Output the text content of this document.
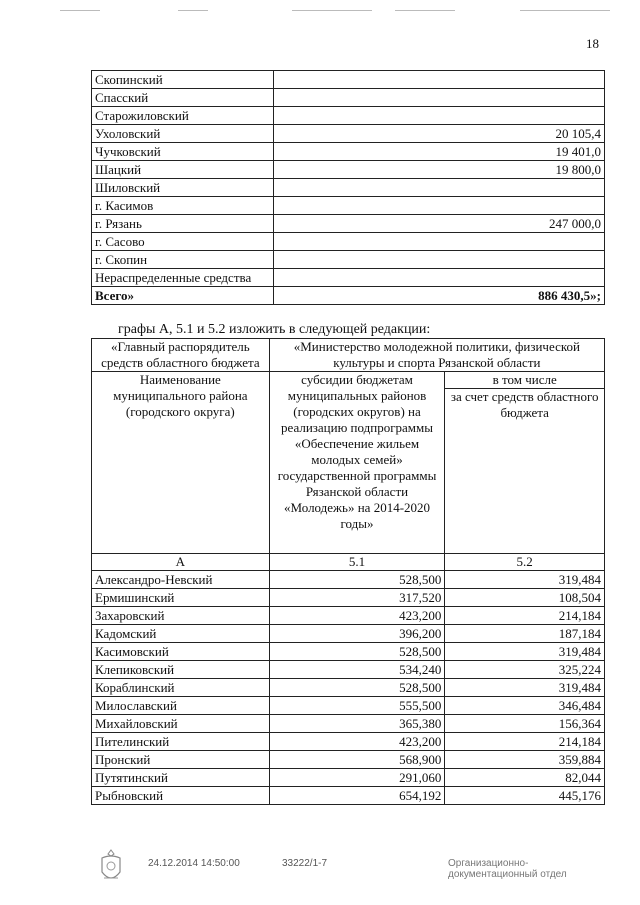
18
Скопинский	
Спасский	
Старожиловский	
Ухоловский	20 105,4
Чучковский	19 401,0
Шацкий	19 800,0
Шиловский	
г. Касимов	
г. Рязань	247 000,0
г. Сасово	
г. Скопин	
Нераспределенные средства	
Всего»	886 430,5»;
графы А, 5.1 и 5.2 изложить в следующей редакции:
«Главный распорядитель средств областного бюджета	«Министерство молодежной политики, физической культуры и спорта Рязанской области	
Наименование муниципального района (городского округа)	субсидии бюджетам муниципальных районов (городских округов) на реализацию подпрограммы «Обеспечение жильем молодых семей» государственной программы Рязанской области «Молодежь» на 2014-2020 годы»	в том числе
		за счет средств областного бюджета
А	5.1	5.2
Александро-Невский	528,500	319,484
Ермишинский	317,520	108,504
Захаровский	423,200	214,184
Кадомский	396,200	187,184
Касимовский	528,500	319,484
Клепиковский	534,240	325,224
Кораблинский	528,500	319,484
Милославский	555,500	346,484
Михайловский	365,380	156,364
Пителинский	423,200	214,184
Пронский	568,900	359,884
Путятинский	291,060	82,044
Рыбновский	654,192	445,176
24.12.2014 14:50:00	33222/1-7	Организационно-
документационный отдел
